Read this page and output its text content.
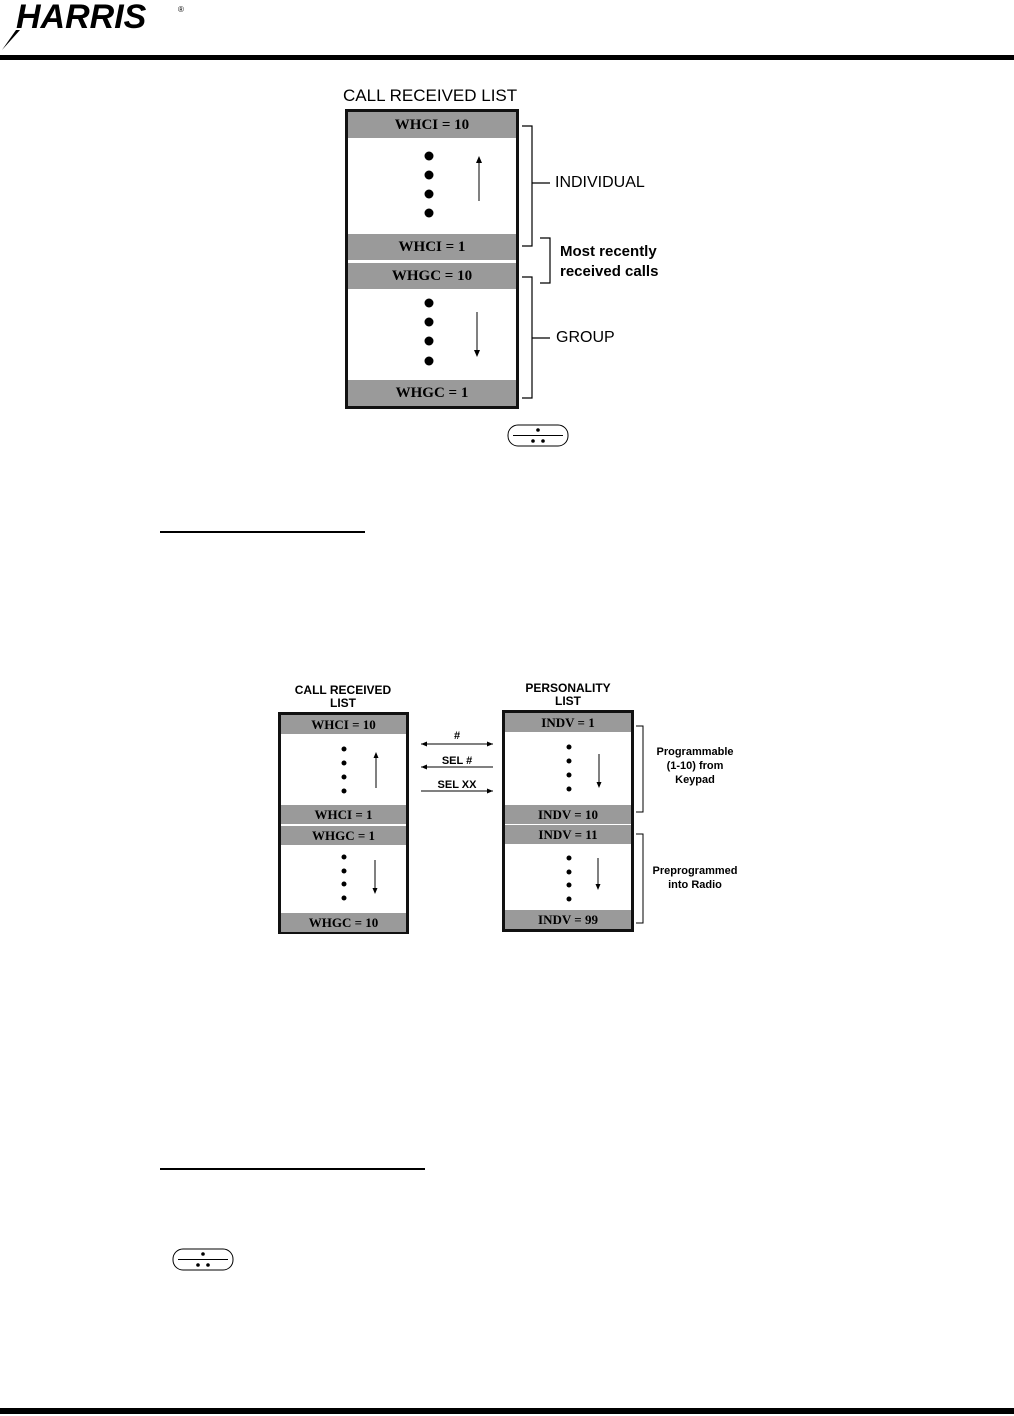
HARRIS	®
CALL RECEIVED LIST
WHCI = 10
WHCI = 1
WHGC = 10
WHGC = 1
INDIVIDUAL
Most recently
received calls
GROUP
CALL RECEIVED
LIST
PERSONALITY
LIST
WHCI = 10
WHCI = 1
WHGC = 1
WHGC = 10
INDV = 1
INDV = 10
INDV = 11
INDV = 99
#
SEL #
SEL XX
Programmable
(1-10) from
Keypad
Preprogrammed
into Radio
